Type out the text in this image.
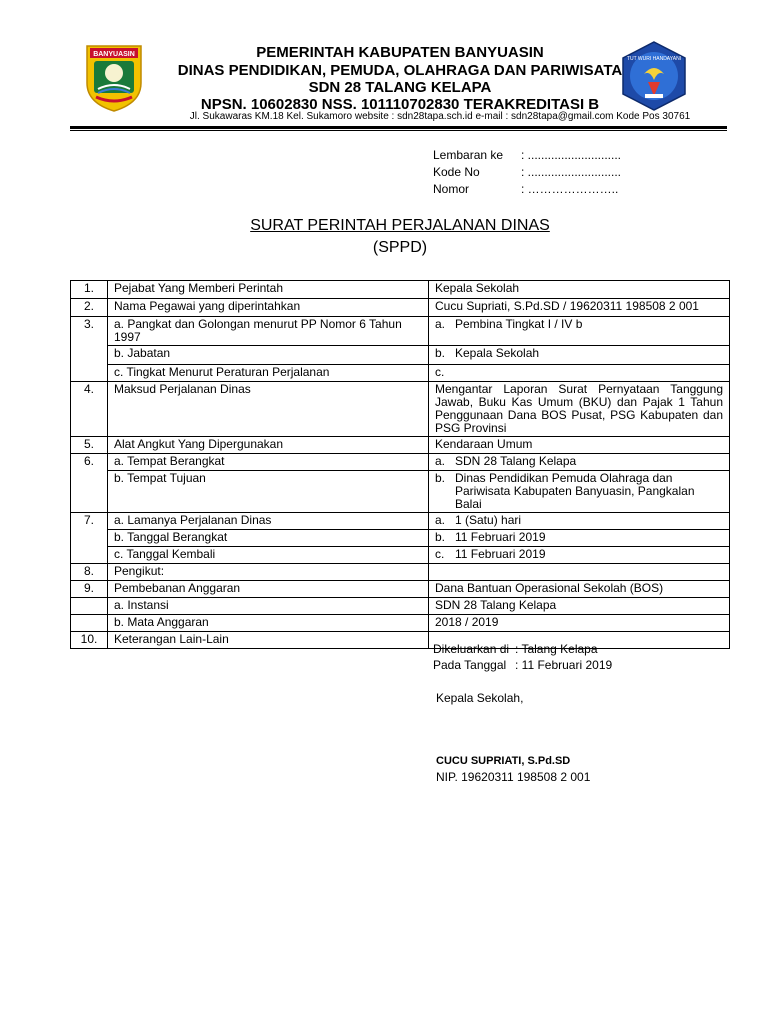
BANYUASIN
TUT WURI HANDAYANI
PEMERINTAH KABUPATEN BANYUASIN
DINAS PENDIDIKAN, PEMUDA, OLAHRAGA DAN PARIWISATA
SDN 28 TALANG KELAPA
NPSN. 10602830 NSS. 101110702830 TERAKREDITASI B
Jl. Sukawaras KM.18 Kel. Sukamoro website : sdn28tapa.sch.id e-mail : sdn28tapa@gmail.com Kode Pos 30761
Lembaran ke : ............................
Kode No	: ............................
Nomor	: …………………..
SURAT PERINTAH PERJALANAN DINAS
(SPPD)
1.	Pejabat Yang Memberi Perintah	Kepala Sekolah
2.	Nama Pegawai yang diperintahkan	Cucu Supriati, S.Pd.SD / 19620311 198508 2 001
3.	a. Pangkat dan Golongan menurut PP Nomor 6 Tahun 1997	a. Pembina Tingkat I / IV b
	b. Jabatan	b. Kepala Sekolah
	c. Tingkat Menurut Peraturan Perjalanan	c.
4.	Maksud Perjalanan Dinas	Mengantar Laporan Surat Pernyataan Tanggung Jawab, Buku Kas Umum (BKU) dan Pajak 1 Tahun Penggunaan Dana BOS Pusat, PSG Kabupaten dan PSG Provinsi
5.	Alat Angkut Yang Dipergunakan	Kendaraan Umum
6.	a. Tempat Berangkat	a. SDN 28 Talang Kelapa
	b. Tempat Tujuan	b. Dinas Pendidikan Pemuda Olahraga dan Pariwisata Kabupaten Banyuasin, Pangkalan Balai

7.	a. Lamanya Perjalanan Dinas	a. 1 (Satu) hari
	b. Tanggal Berangkat	b. 11 Februari 2019
	c. Tanggal Kembali	c. 11 Februari 2019
8.	Pengikut:	
9.	Pembebanan Anggaran	Dana Bantuan Operasional Sekolah (BOS)
	a. Instansi	SDN 28 Talang Kelapa
	b. Mata Anggaran	2018 / 2019
10.	Keterangan Lain-Lain	
Dikeluarkan di : Talang Kelapa
Pada Tanggal : 11 Februari 2019
Kepala Sekolah,
CUCU SUPRIATI, S.Pd.SD
NIP. 19620311 198508 2 001
